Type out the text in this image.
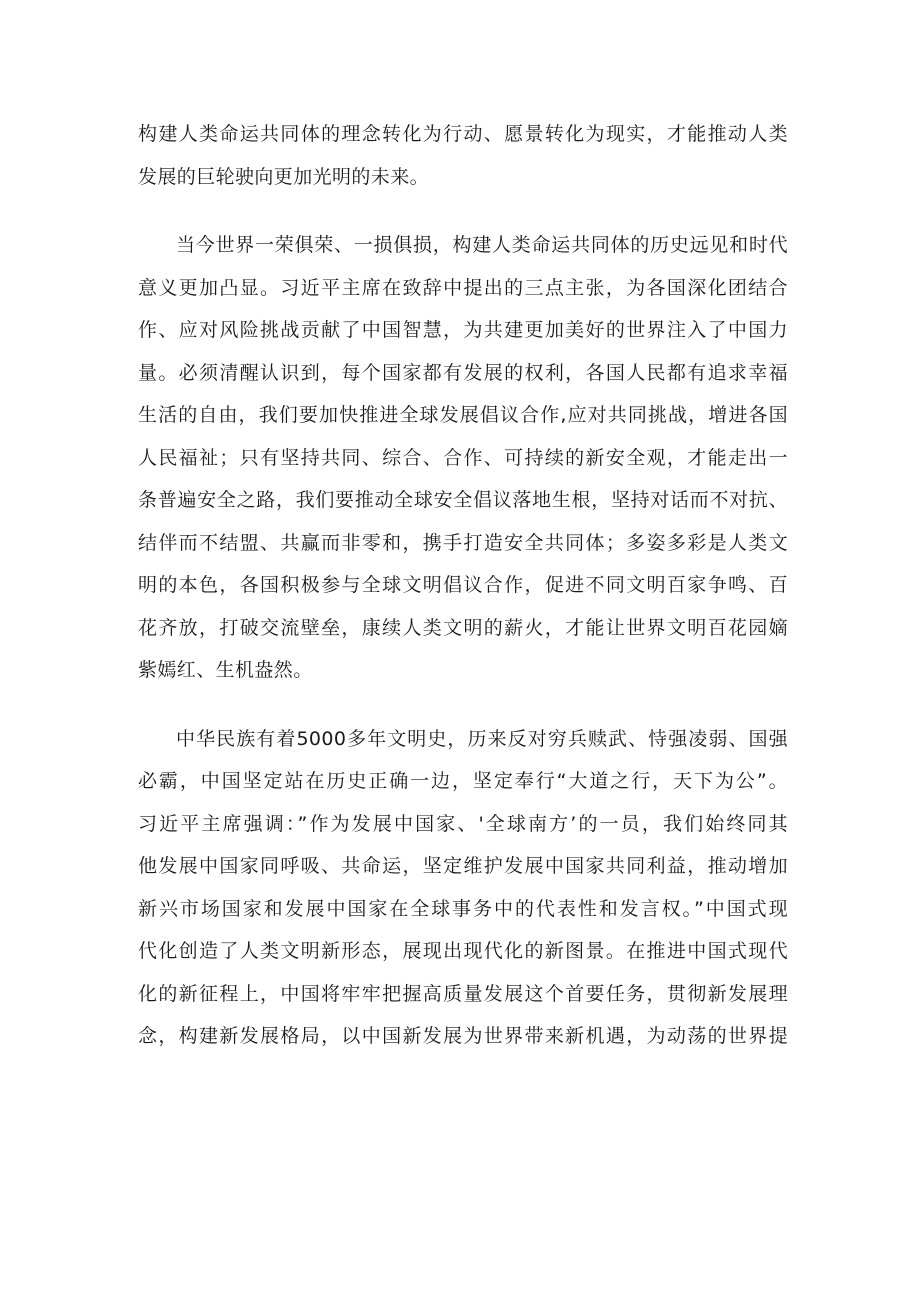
构建人类命运共同体的理念转化为行动、愿景转化为现实，才能推动人类
发展的巨轮驶向更加光明的未来。
当今世界一荣俱荣、一损俱损，构建人类命运共同体的历史远见和时代
意义更加凸显。习近平主席在致辞中提出的三点主张，为各国深化团结合
作、应对风险挑战贡献了中国智慧，为共建更加美好的世界注入了中国力
量。必须清醒认识到，每个国家都有发展的权利，各国人民都有追求幸福
生活的自由，我们要加快推进全球发展倡议合作,应对共同挑战，增进各国
人民福祉；只有坚持共同、综合、合作、可持续的新安全观，才能走出一
条普遍安全之路，我们要推动全球安全倡议落地生根，坚持对话而不对抗、
结伴而不结盟、共赢而非零和，携手打造安全共同体；多姿多彩是人类文
明的本色，各国积极参与全球文明倡议合作，促进不同文明百家争鸣、百
花齐放，打破交流壁垒，康续人类文明的薪火，才能让世界文明百花园嫡
紫嫣红、生机盎然。
中华民族有着5000多年文明史，历来反对穷兵赎武、恃强凌弱、国强
必霸，中国坚定站在历史正确一边，坚定奉行“大道之行，天下为公”。
习近平主席强调：”作为发展中国家、'全球南方’的一员，我们始终同其
他发展中国家同呼吸、共命运，坚定维护发展中国家共同利益，推动增加
新兴市场国家和发展中国家在全球事务中的代表性和发言权。”中国式现
代化创造了人类文明新形态，展现出现代化的新图景。在推进中国式现代
化的新征程上，中国将牢牢把握高质量发展这个首要任务，贯彻新发展理
念，构建新发展格局，以中国新发展为世界带来新机遇，为动荡的世界提
